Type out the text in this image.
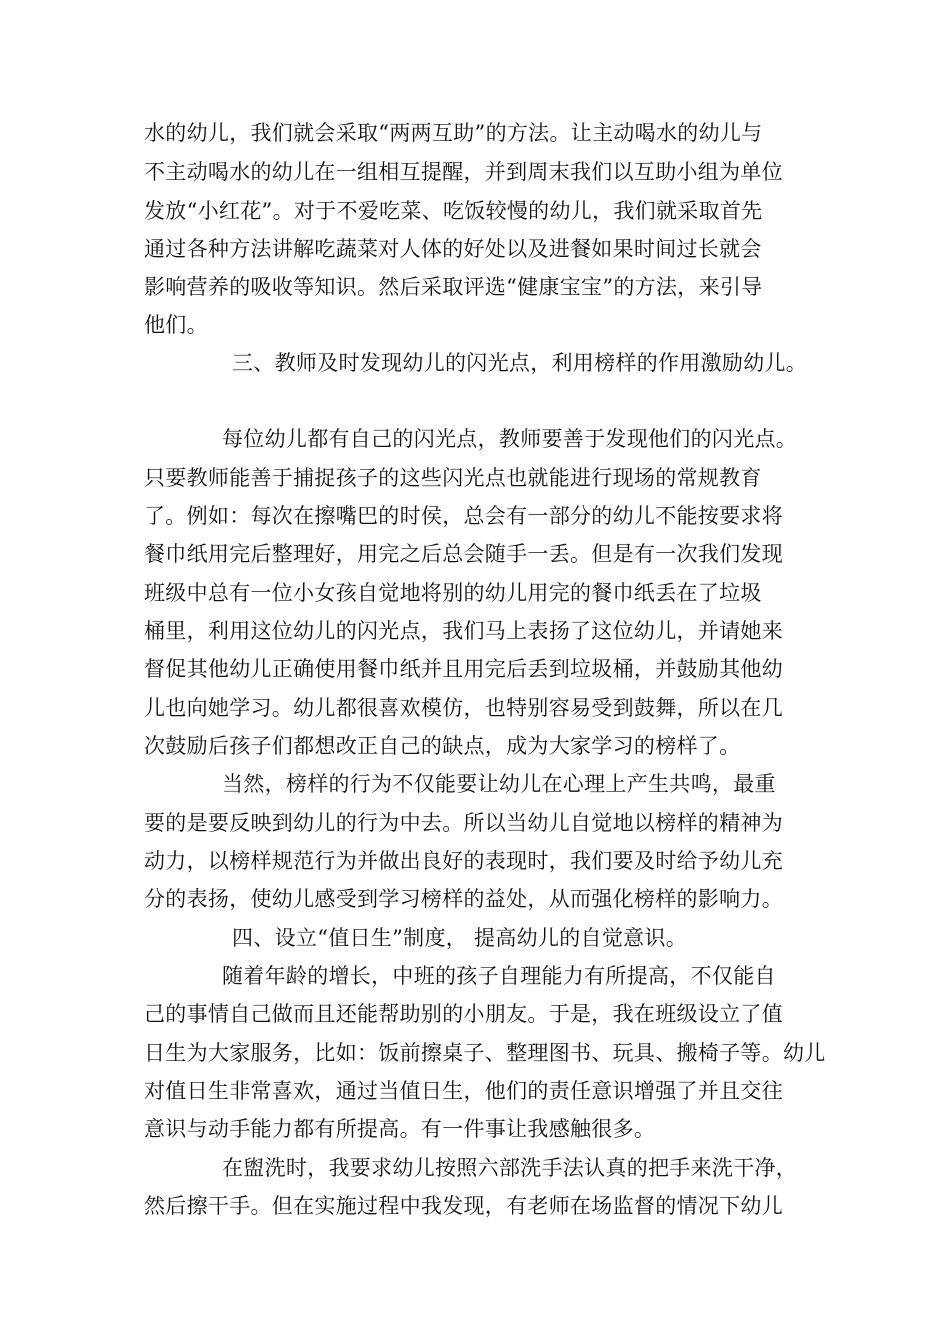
水的幼儿，我们就会采取“两两互助”的方法。让主动喝水的幼儿与
不主动喝水的幼儿在一组相互提醒，并到周末我们以互助小组为单位
发放“小红花”。对于不爱吃菜、吃饭较慢的幼儿，我们就采取首先
通过各种方法讲解吃蔬菜对人体的好处以及进餐如果时间过长就会
影响营养的吸收等知识。然后采取评选“健康宝宝”的方法，来引导
他们。
三、教师及时发现幼儿的闪光点，利用榜样的作用激励幼儿。
每位幼儿都有自己的闪光点，教师要善于发现他们的闪光点。
只要教师能善于捕捉孩子的这些闪光点也就能进行现场的常规教育
了。例如：每次在擦嘴巴的时侯，总会有一部分的幼儿不能按要求将
餐巾纸用完后整理好，用完之后总会随手一丢。但是有一次我们发现
班级中总有一位小女孩自觉地将别的幼儿用完的餐巾纸丢在了垃圾
桶里，利用这位幼儿的闪光点，我们马上表扬了这位幼儿，并请她来
督促其他幼儿正确使用餐巾纸并且用完后丢到垃圾桶，并鼓励其他幼
儿也向她学习。幼儿都很喜欢模仿，也特别容易受到鼓舞，所以在几
次鼓励后孩子们都想改正自己的缺点，成为大家学习的榜样了。
当然，榜样的行为不仅能要让幼儿在心理上产生共鸣，最重
要的是要反映到幼儿的行为中去。所以当幼儿自觉地以榜样的精神为
动力，以榜样规范行为并做出良好的表现时，我们要及时给予幼儿充
分的表扬，使幼儿感受到学习榜样的益处，从而强化榜样的影响力。
四、设立“值日生”制度， 提高幼儿的自觉意识。
随着年龄的增长，中班的孩子自理能力有所提高，不仅能自
己的事情自己做而且还能帮助别的小朋友。于是，我在班级设立了值
日生为大家服务，比如：饭前擦桌子、整理图书、玩具、搬椅子等。幼儿
对值日生非常喜欢，通过当值日生，他们的责任意识增强了并且交往
意识与动手能力都有所提高。有一件事让我感触很多。
在盥洗时，我要求幼儿按照六部洗手法认真的把手来洗干净，
然后擦干手。但在实施过程中我发现，有老师在场监督的情况下幼儿
